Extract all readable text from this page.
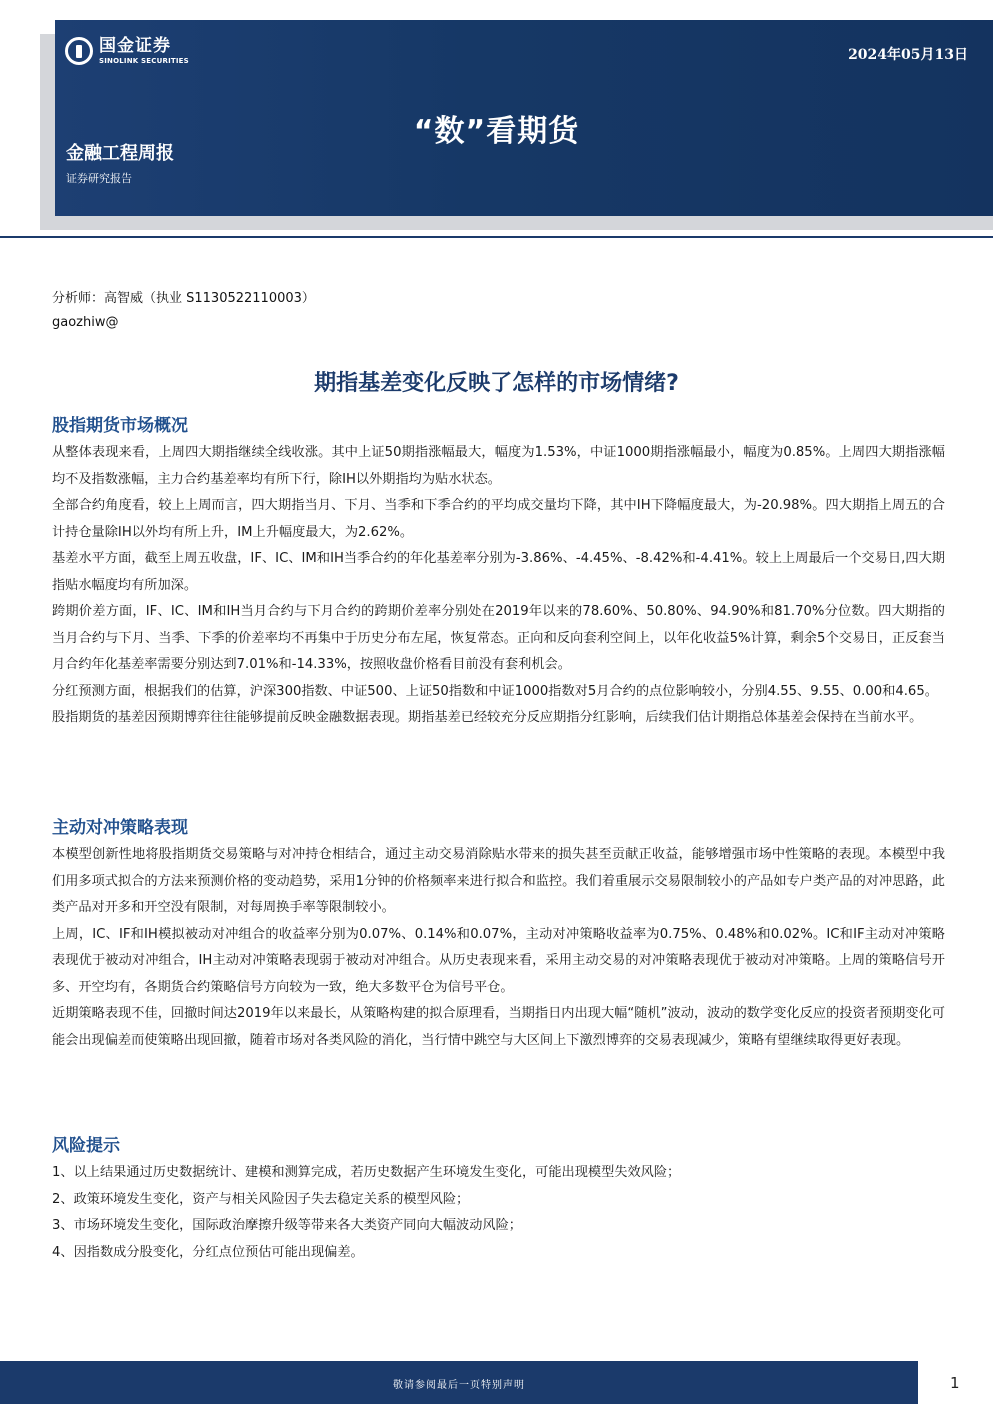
国金证券
SINOLINK SECURITIES	2024年05月13日
“数”看期货
金融工程周报
证券研究报告
分析师：高智威（执业 S1130522110003）
gaozhiw@
期指基差变化反映了怎样的市场情绪?
股指期货市场概况

从整体表现来看，上周四大期指继续全线收涨。其中上证50期指涨幅最大，幅度为1.53%，中证1000期指涨幅最小，幅度为0.85%。上周四大期指涨幅均不及指数涨幅，主力合约基差率均有所下行，除IH以外期指均为贴水状态。

全部合约角度看，较上上周而言，四大期指当月、下月、当季和下季合约的平均成交量均下降，其中IH下降幅度最大，为-20.98%。四大期指上周五的合计持仓量除IH以外均有所上升，IM上升幅度最大，为2.62%。

基差水平方面，截至上周五收盘，IF、IC、IM和IH当季合约的年化基差率分别为-3.86%、-4.45%、-8.42%和-4.41%。较上上周最后一个交易日,四大期指贴水幅度均有所加深。

跨期价差方面，IF、IC、IM和IH当月合约与下月合约的跨期价差率分别处在2019年以来的78.60%、50.80%、94.90%和81.70%分位数。四大期指的当月合约与下月、当季、下季的价差率均不再集中于历史分布左尾，恢复常态。正向和反向套利空间上，以年化收益5%计算，剩余5个交易日，正反套当月合约年化基差率需要分别达到7.01%和-14.33%，按照收盘价格看目前没有套利机会。

分红预测方面，根据我们的估算，沪深300指数、中证500、上证50指数和中证1000指数对5月合约的点位影响较小，分别4.55、9.55、0.00和4.65。

股指期货的基差因预期博弈往往能够提前反映金融数据表现。期指基差已经较充分反应期指分红影响，后续我们估计期指总体基差会保持在当前水平。

主动对冲策略表现

本模型创新性地将股指期货交易策略与对冲持仓相结合，通过主动交易消除贴水带来的损失甚至贡献正收益，能够增强市场中性策略的表现。本模型中我们用多项式拟合的方法来预测价格的变动趋势，采用1分钟的价格频率来进行拟合和监控。我们着重展示交易限制较小的产品如专户类产品的对冲思路，此类产品对开多和开空没有限制，对每周换手率等限制较小。

上周，IC、IF和IH模拟被动对冲组合的收益率分别为0.07%、0.14%和0.07%，主动对冲策略收益率为0.75%、0.48%和0.02%。IC和IF主动对冲策略表现优于被动对冲组合，IH主动对冲策略表现弱于被动对冲组合。从历史表现来看，采用主动交易的对冲策略表现优于被动对冲策略。上周的策略信号开多、开空均有，各期货合约策略信号方向较为一致，绝大多数平仓为信号平仓。

近期策略表现不佳，回撤时间达2019年以来最长，从策略构建的拟合原理看，当期指日内出现大幅“随机”波动，波动的数学变化反应的投资者预期变化可能会出现偏差而使策略出现回撤，随着市场对各类风险的消化，当行情中跳空与大区间上下激烈博弈的交易表现减少，策略有望继续取得更好表现。

风险提示
1、以上结果通过历史数据统计、建模和测算完成，若历史数据产生环境发生变化，可能出现模型失效风险；
2、政策环境发生变化，资产与相关风险因子失去稳定关系的模型风险；
3、市场环境发生变化，国际政治摩擦升级等带来各大类资产同向大幅波动风险；
4、因指数成分股变化，分红点位预估可能出现偏差。
敬请参阅最后一页特别声明	1
